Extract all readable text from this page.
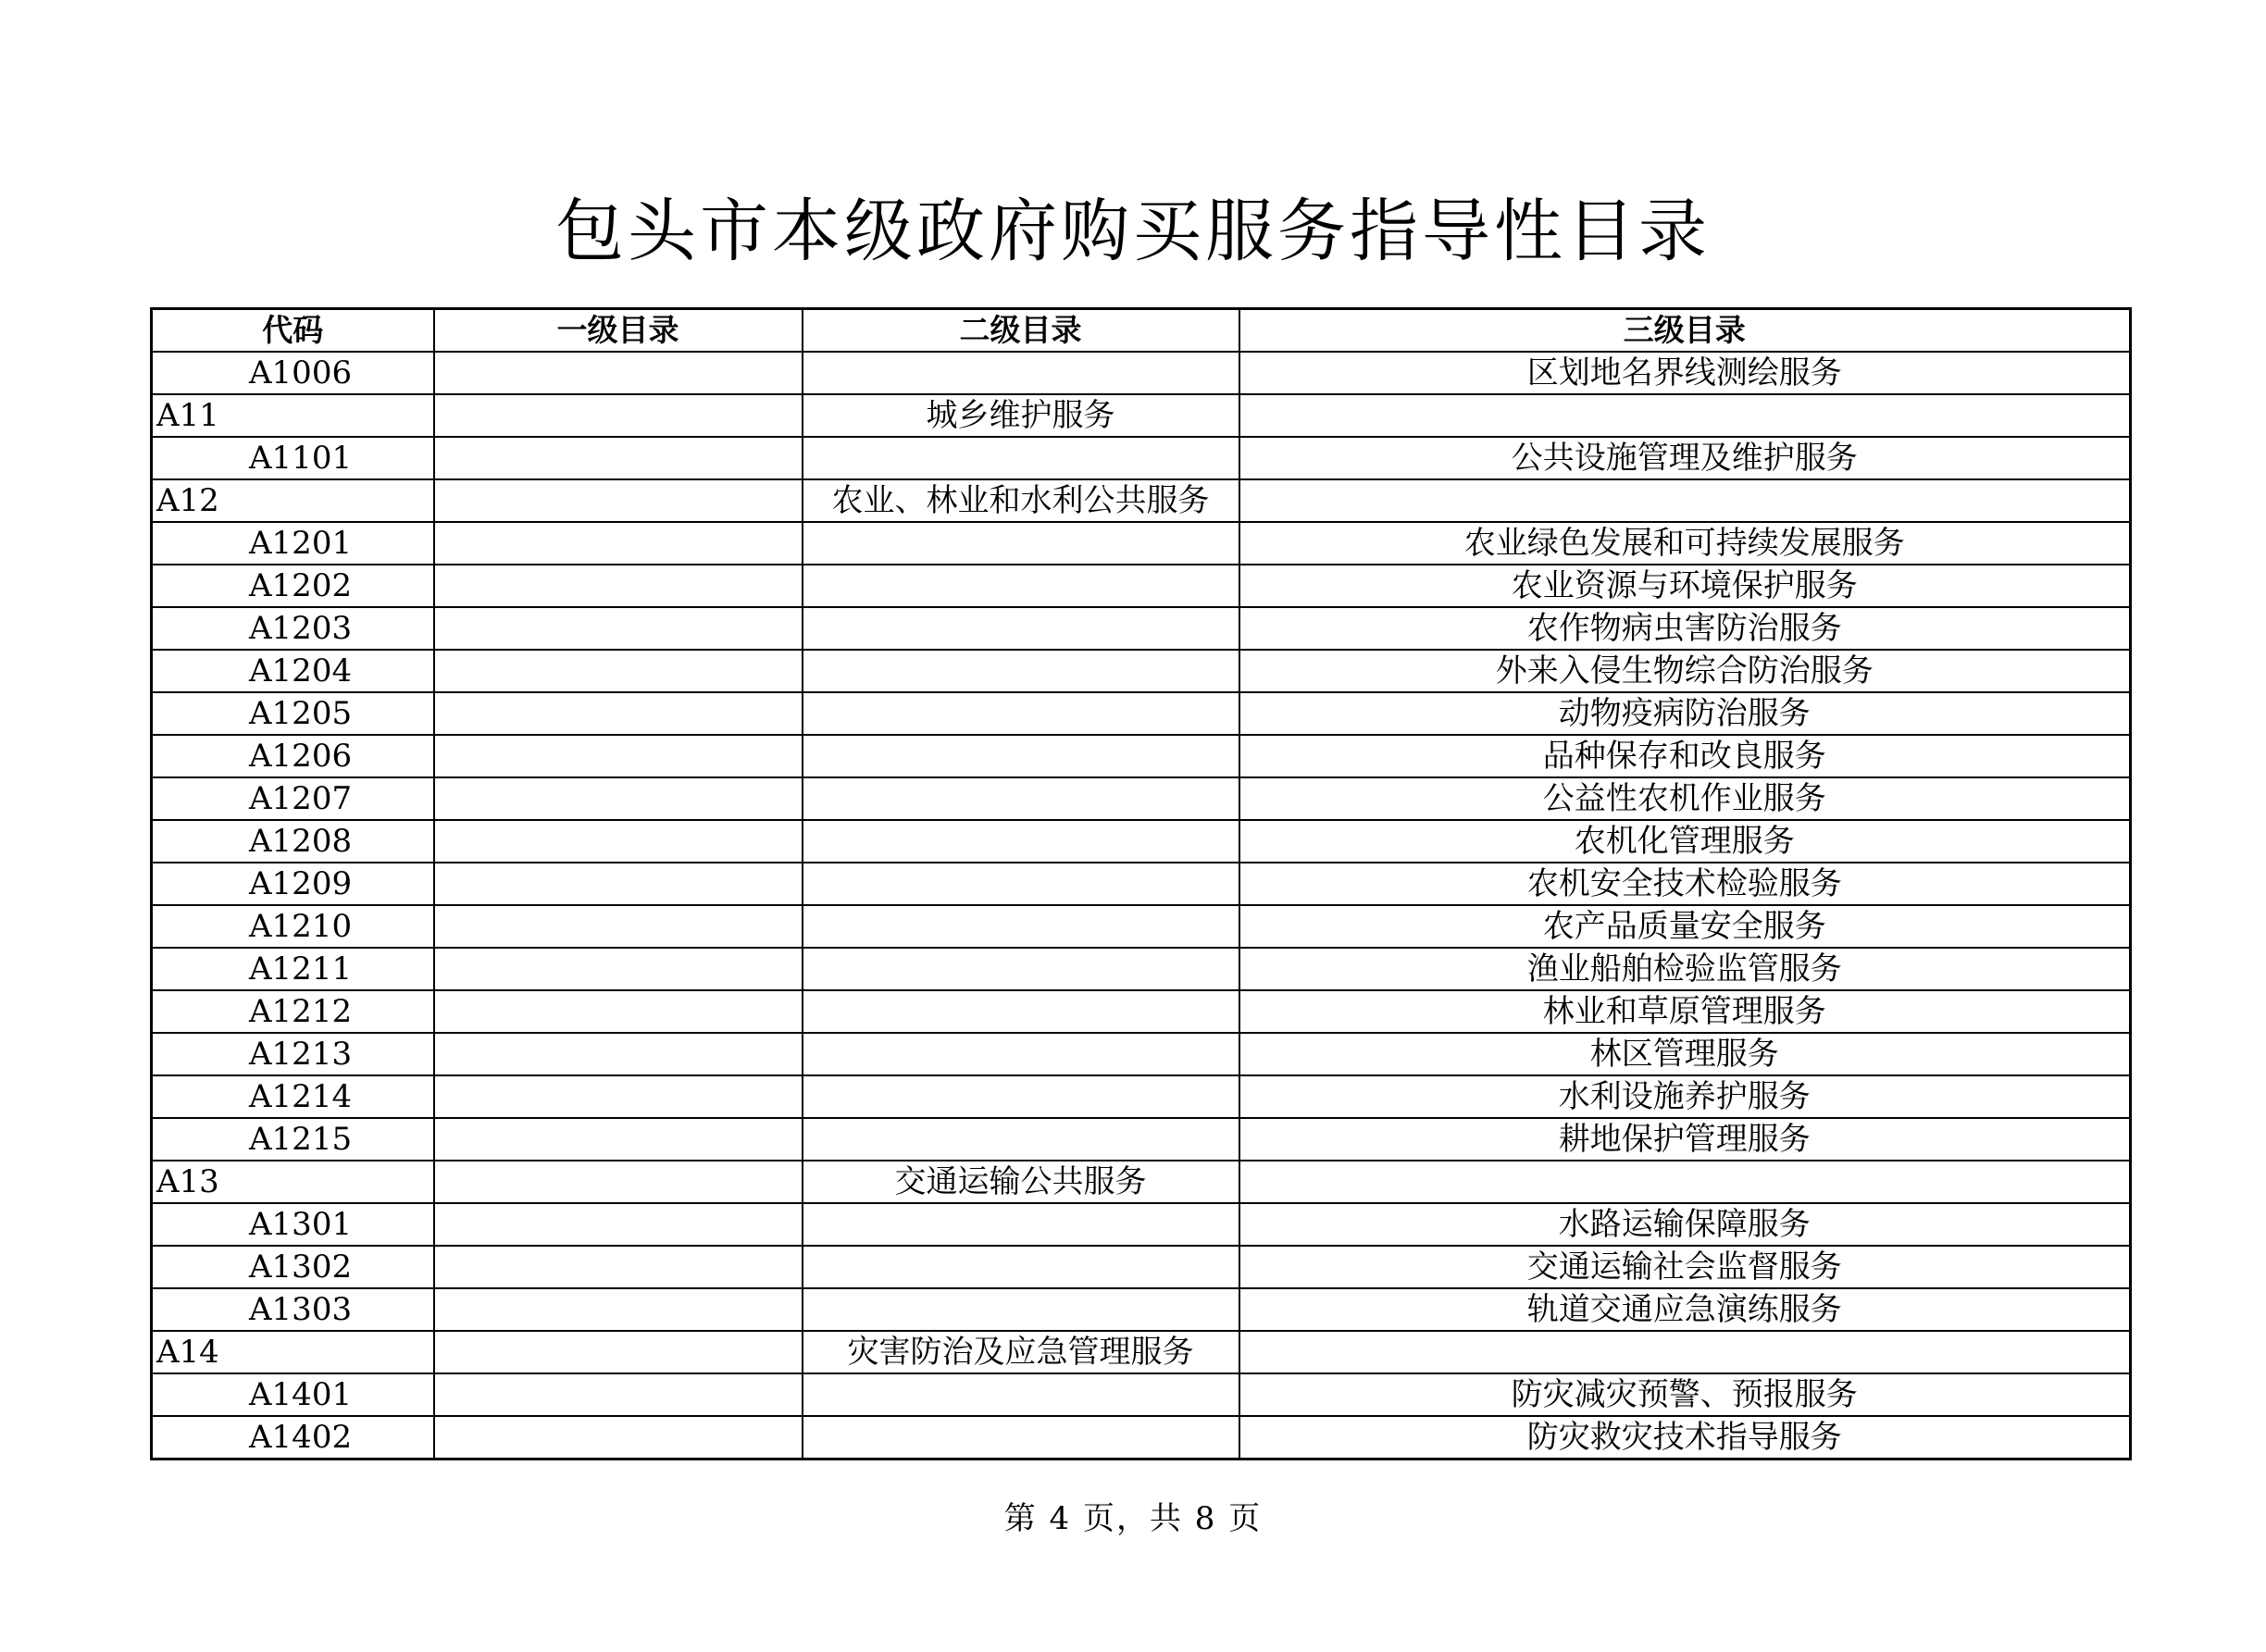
包头市本级政府购买服务指导性目录
代码	一级目录	二级目录	三级目录
A1006			区划地名界线测绘服务
A11		城乡维护服务	
A1101			公共设施管理及维护服务
A12		农业、林业和水利公共服务	
A1201			农业绿色发展和可持续发展服务
A1202			农业资源与环境保护服务
A1203			农作物病虫害防治服务
A1204			外来入侵生物综合防治服务
A1205			动物疫病防治服务
A1206			品种保存和改良服务
A1207			公益性农机作业服务
A1208			农机化管理服务
A1209			农机安全技术检验服务
A1210			农产品质量安全服务
A1211			渔业船舶检验监管服务
A1212			林业和草原管理服务
A1213			林区管理服务
A1214			水利设施养护服务
A1215			耕地保护管理服务
A13		交通运输公共服务	
A1301			水路运输保障服务
A1302			交通运输社会监督服务
A1303			轨道交通应急演练服务
A14		灾害防治及应急管理服务	
A1401			防灾减灾预警、预报服务
A1402			防灾救灾技术指导服务
第 4 页，共 8 页
